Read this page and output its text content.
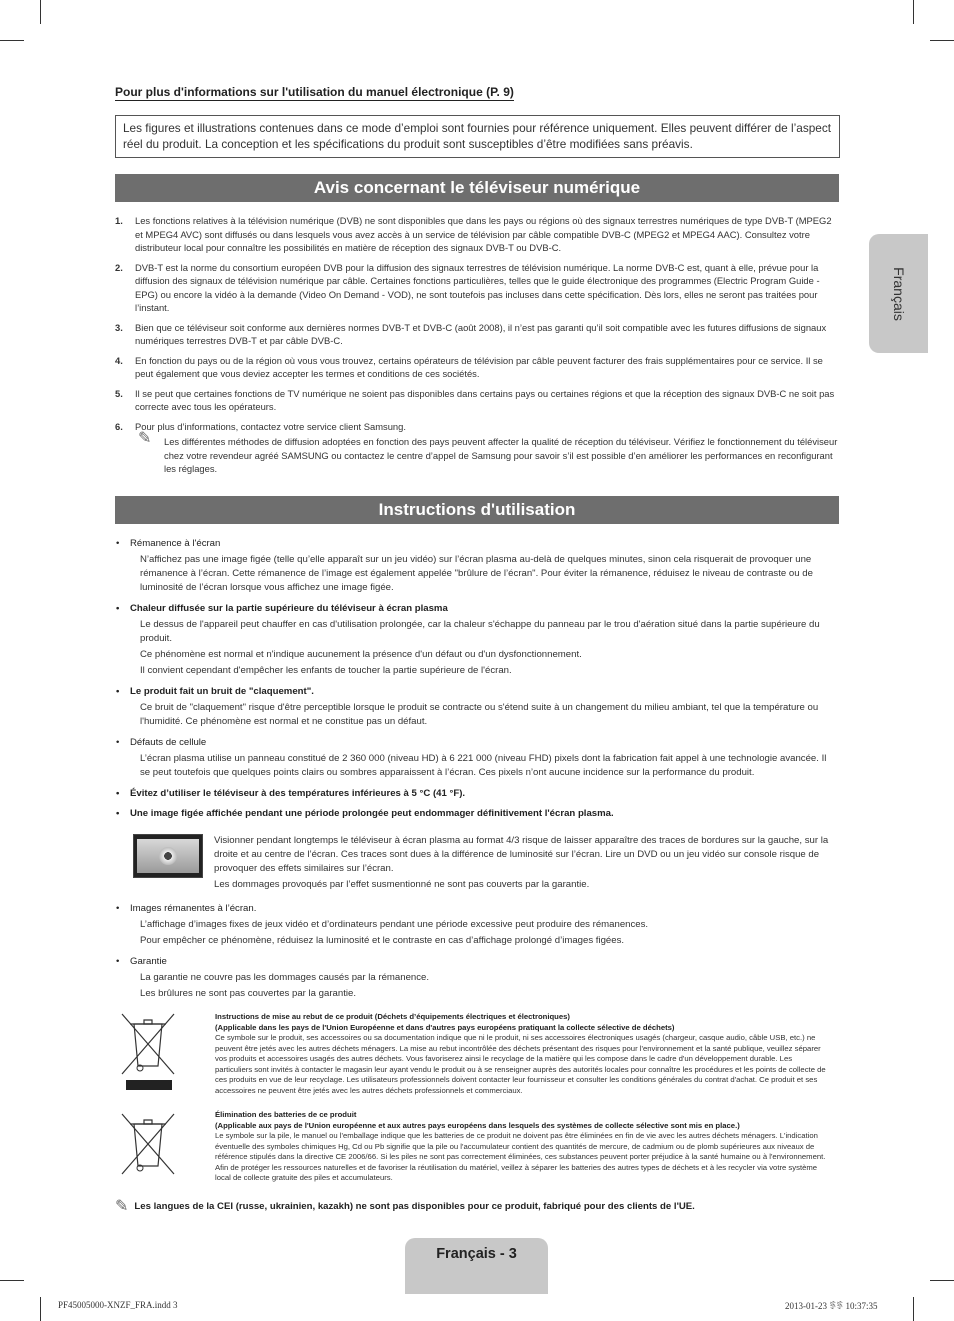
Pour plus d'informations sur l'utilisation du manuel électronique (P. 9)
Les figures et illustrations contenues dans ce mode d’emploi sont fournies pour référence uniquement. Elles peuvent différer de l’aspect réel du produit. La conception et les spécifications du produit sont susceptibles d’être modifiées sans préavis.
Avis concernant le téléviseur numérique
1. Les fonctions relatives à la télévision numérique (DVB) ne sont disponibles que dans les pays ou régions où des signaux terrestres numériques de type DVB-T (MPEG2 et MPEG4 AVC) sont diffusés ou dans lesquels vous avez accès à un service de télévision par câble compatible DVB-C (MPEG2 et MPEG4 AAC). Consultez votre distributeur local pour connaître les possibilités en matière de réception des signaux DVB-T ou DVB-C.
2. DVB-T est la norme du consortium européen DVB pour la diffusion des signaux terrestres de télévision numérique. La norme DVB-C est, quant à elle, prévue pour la diffusion des signaux de télévision numérique par câble. Certaines fonctions particulières, telles que le guide électronique des programmes (Electric Program Guide - EPG) ou encore la vidéo à la demande (Video On Demand - VOD), ne sont toutefois pas incluses dans cette spécification. Dès lors, elles ne seront pas traitées pour l’instant.
3. Bien que ce téléviseur soit conforme aux dernières normes DVB-T et DVB-C (août 2008), il n’est pas garanti qu’il soit compatible avec les futures diffusions de signaux numériques terrestres DVB-T et par câble DVB-C.
4. En fonction du pays ou de la région où vous vous trouvez, certains opérateurs de télévision par câble peuvent facturer des frais supplémentaires pour ce service. Il se peut également que vous deviez accepter les termes et conditions de ces sociétés.
5. Il se peut que certaines fonctions de TV numérique ne soient pas disponibles dans certains pays ou certaines régions et que la réception des signaux DVB-C ne soit pas correcte avec tous les opérateurs.
6. Pour plus d’informations, contactez votre service client Samsung.
✎ Les différentes méthodes de diffusion adoptées en fonction des pays peuvent affecter la qualité de réception du téléviseur. Vérifiez le fonctionnement du téléviseur chez votre revendeur agréé SAMSUNG ou contactez le centre d’appel de Samsung pour savoir s’il est possible d’en améliorer les performances en reconfigurant les réglages.
Instructions d'utilisation
• Rémanence à l'écran

N’affichez pas une image figée (telle qu’elle apparaît sur un jeu vidéo) sur l’écran plasma au-delà de quelques minutes, sinon cela risquerait de provoquer une rémanence à l’écran. Cette rémanence de l’image est également appelée "brûlure de l’écran". Pour éviter la rémanence, réduisez le niveau de contraste ou de luminosité de l’écran lorsque vous affichez une image figée.

• Chaleur diffusée sur la partie supérieure du téléviseur à écran plasma

Le dessus de l'appareil peut chauffer en cas d'utilisation prolongée, car la chaleur s'échappe du panneau par le trou d'aération situé dans la partie supérieure du produit.

Ce phénomène est normal et n'indique aucunement la présence d'un défaut ou d'un dysfonctionnement.

Il convient cependant d'empêcher les enfants de toucher la partie supérieure de l'écran.

• Le produit fait un bruit de "claquement".

Ce bruit de "claquement" risque d'être perceptible lorsque le produit se contracte ou s'étend suite à un changement du milieu ambiant, tel que la température ou l'humidité. Ce phénomène est normal et ne constitue pas un défaut.

• Défauts de cellule

L’écran plasma utilise un panneau constitué de 2 360 000 (niveau HD) à 6 221 000 (niveau FHD) pixels dont la fabrication fait appel à une technologie avancée. Il se peut toutefois que quelques points clairs ou sombres apparaissent à l’écran. Ces pixels n’ont aucune incidence sur la performance du produit.

• Évitez d’utiliser le téléviseur à des températures inférieures à 5 °C (41 °F).
• Une image figée affichée pendant une période prolongée peut endommager définitivement l'écran plasma.

Visionner pendant longtemps le téléviseur à écran plasma au format 4/3 risque de laisser apparaître des traces de bordures sur la gauche, sur la droite et au centre de l’écran. Ces traces sont dues à la différence de luminosité sur l’écran. Lire un DVD ou un jeu vidéo sur console risque de provoquer des effets similaires sur l’écran.

Les dommages provoqués par l’effet susmentionné ne sont pas couverts par la garantie.

• Images rémanentes à l’écran.

L’affichage d’images fixes de jeux vidéo et d’ordinateurs pendant une période excessive peut produire des rémanences.

Pour empêcher ce phénomène, réduisez la luminosité et le contraste en cas d’affichage prolongé d’images figées.

• Garantie

La garantie ne couvre pas les dommages causés par la rémanence.

Les brûlures ne sont pas couvertes par la garantie.

Instructions de mise au rebut de ce produit (Déchets d’équipements électriques et électroniques)
(Applicable dans les pays de l'Union Européenne et dans d'autres pays européens pratiquant la collecte sélective de déchets)
Ce symbole sur le produit, ses accessoires ou sa documentation indique que ni le produit, ni ses accessoires électroniques usagés (chargeur, casque audio, câble USB, etc.) ne peuvent être jetés avec les autres déchets ménagers. La mise au rebut incontrôlée des déchets présentant des risques pour l'environnement et la santé publique, veuillez séparer vos produits et accessoires usagés des autres déchets. Vous favoriserez ainsi le recyclage de la matière qui les compose dans le cadre d'un développement durable. Les particuliers sont invités à contacter le magasin leur ayant vendu le produit ou à se renseigner auprès des autorités locales pour connaître les procédures et les points de collecte de ces produits en vue de leur recyclage. Les utilisateurs professionnels doivent contacter leur fournisseur et consulter les conditions générales du contrat d'achat. Ce produit et ses accessoires ne peuvent être jetés avec les autres déchets professionnels et commerciaux.
Élimination des batteries de ce produit
(Applicable aux pays de l'Union européenne et aux autres pays européens dans lesquels des systèmes de collecte sélective sont mis en place.)
Le symbole sur la pile, le manuel ou l'emballage indique que les batteries de ce produit ne doivent pas être éliminées en fin de vie avec les autres déchets ménagers. L'indication éventuelle des symboles chimiques Hg, Cd ou Pb signifie que la pile ou l'accumulateur contient des quantités de mercure, de cadmium ou de plomb supérieures aux niveaux de référence stipulés dans la directive CE 2006/66. Si les piles ne sont pas correctement éliminées, ces substances peuvent porter préjudice à la santé humaine ou à l'environnement. Afin de protéger les ressources naturelles et de favoriser la réutilisation du matériel, veillez à séparer les batteries des autres types de déchets et à les recycler via votre système local de collecte gratuite des piles et accumulateurs.
✎ Les langues de la CEI (russe, ukrainien, kazakh) ne sont pas disponibles pour ce produit, fabriqué pour des clients de l'UE.
Français
Français - 3
PF45005000-XNZF_FRA.indd 3	2013-01-23 ꈈꈈ 10:37:35
